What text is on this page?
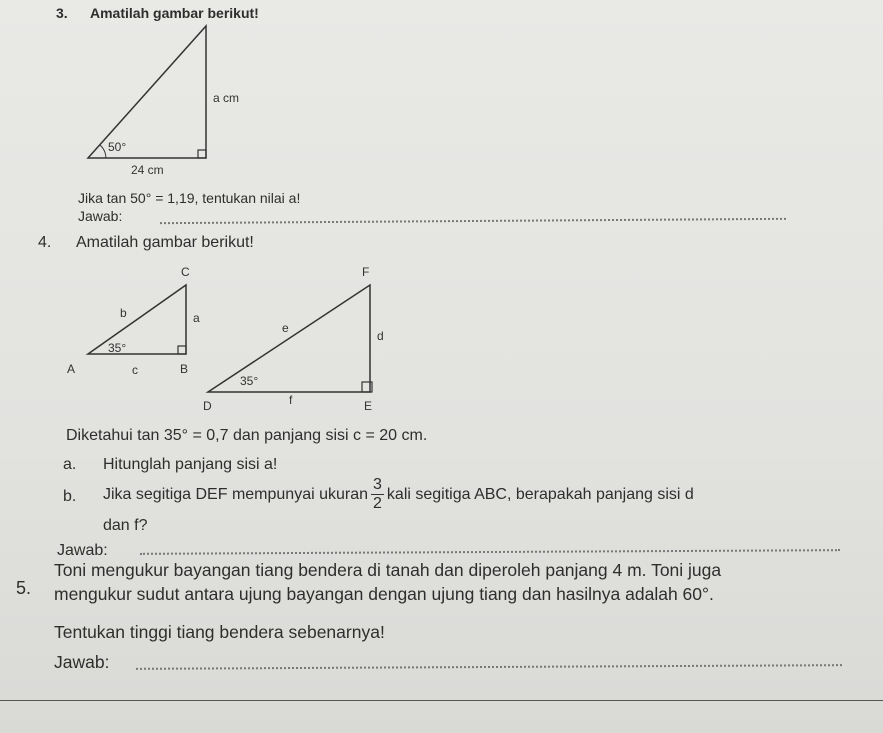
3. Amatilah gambar berikut!
a cm
50°
24 cm
C
A	B
b	a
c
35°
F
D	E
e
d
f
35°
Jika tan 50° = 1,19, tentukan nilai a!
Jawab:
4. Amatilah gambar berikut!
Diketahui tan 35° = 0,7 dan panjang sisi c = 20 cm.
a. Hitunglah panjang sisi a!
b. Jika segitiga DEF mempunyai ukuran $\frac{3}{2}$ kali segitiga ABC, berapakah panjang sisi d
dan f?
Jawab:
5.
Toni mengukur bayangan tiang bendera di tanah dan diperoleh panjang 4 m. Toni juga
mengukur sudut antara ujung bayangan dengan ujung tiang dan hasilnya adalah 60°.
Tentukan tinggi tiang bendera sebenarnya!
Jawab:
